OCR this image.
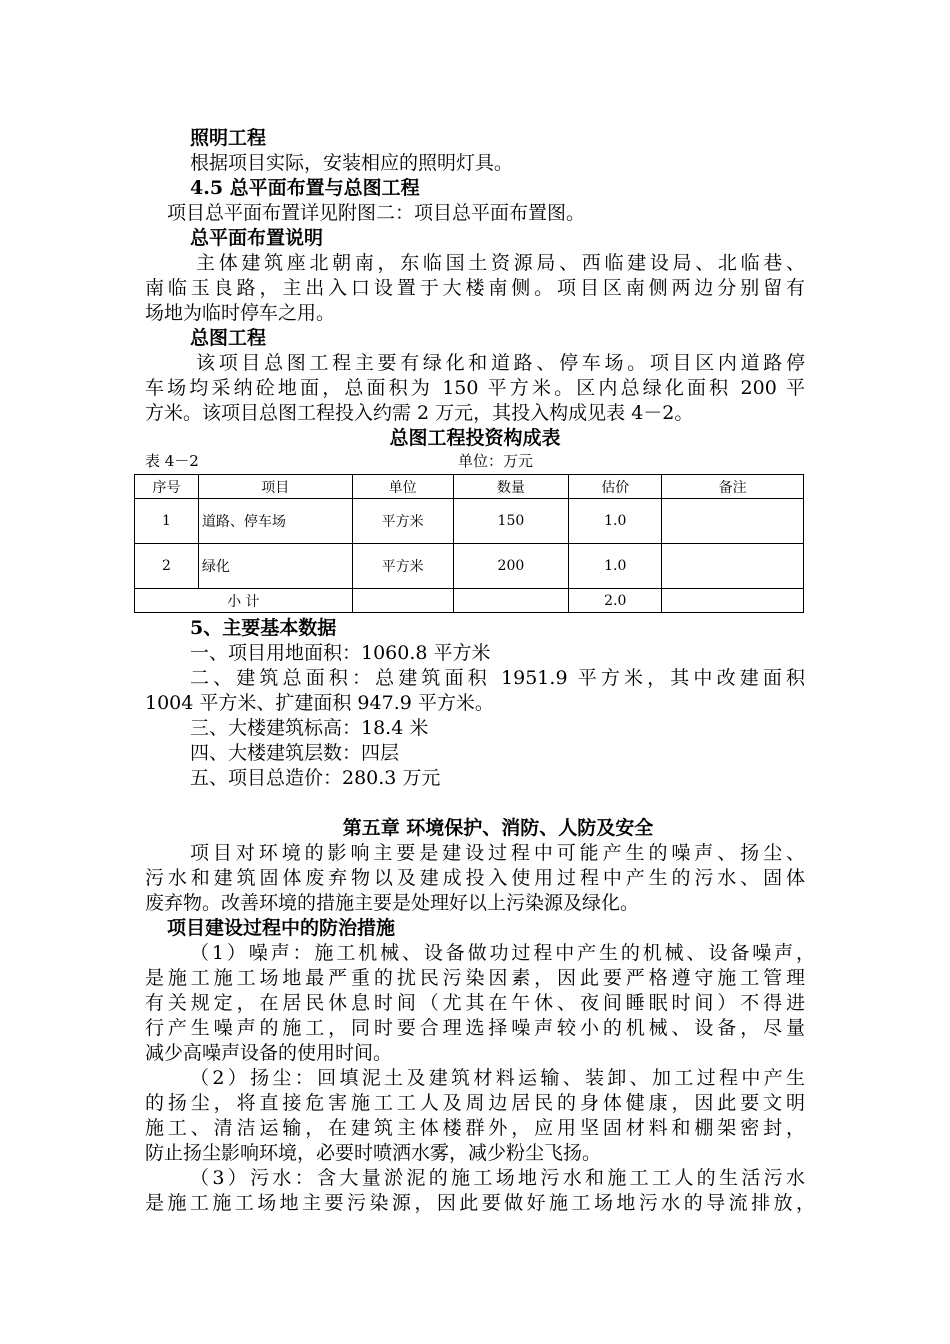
照明工程
根据项目实际，安装相应的照明灯具。
4.5 总平面布置与总图工程
项目总平面布置详见附图二：项目总平面布置图。
总平面布置说明
主体建筑座北朝南，东临国土资源局、西临建设局、北临巷、
南临玉良路，主出入口设置于大楼南侧。项目区南侧两边分别留有
场地为临时停车之用。
总图工程
该项目总图工程主要有绿化和道路、停车场。项目区内道路停
车场均采纳砼地面，总面积为 150 平方米。区内总绿化面积 200 平
方米。该项目总图工程投入约需 2 万元，其投入构成见表 4－2。
总图工程投资构成表
表 4－2	单位：万元
序号	项目	单位	数量	估价	备注
1	道路、停车场	平方米	150	1.0	
2	绿化	平方米	200	1.0	
小 计				2.0	
5、主要基本数据
一、项目用地面积：1060.8 平方米
二、建筑总面积：总建筑面积 1951.9 平方米，其中改建面积
1004 平方米、扩建面积 947.9 平方米。
三、大楼建筑标高：18.4 米
四、大楼建筑层数：四层
五、项目总造价：280.3 万元
第五章 环境保护、消防、人防及安全
项目对环境的影响主要是建设过程中可能产生的噪声、扬尘、
污水和建筑固体废弃物以及建成投入使用过程中产生的污水、固体
废弃物。改善环境的措施主要是处理好以上污染源及绿化。
项目建设过程中的防治措施
（1）噪声：施工机械、设备做功过程中产生的机械、设备噪声，
是施工施工场地最严重的扰民污染因素，因此要严格遵守施工管理
有关规定，在居民休息时间（尤其在午休、夜间睡眠时间）不得进
行产生噪声的施工，同时要合理选择噪声较小的机械、设备，尽量
减少高噪声设备的使用时间。
（2）扬尘：回填泥土及建筑材料运输、装卸、加工过程中产生
的扬尘，将直接危害施工工人及周边居民的身体健康，因此要文明
施工、清洁运输，在建筑主体楼群外，应用坚固材料和棚架密封，
防止扬尘影响环境，必要时喷洒水雾，减少粉尘飞扬。
（3）污水：含大量淤泥的施工场地污水和施工工人的生活污水
是施工施工场地主要污染源，因此要做好施工场地污水的导流排放，
